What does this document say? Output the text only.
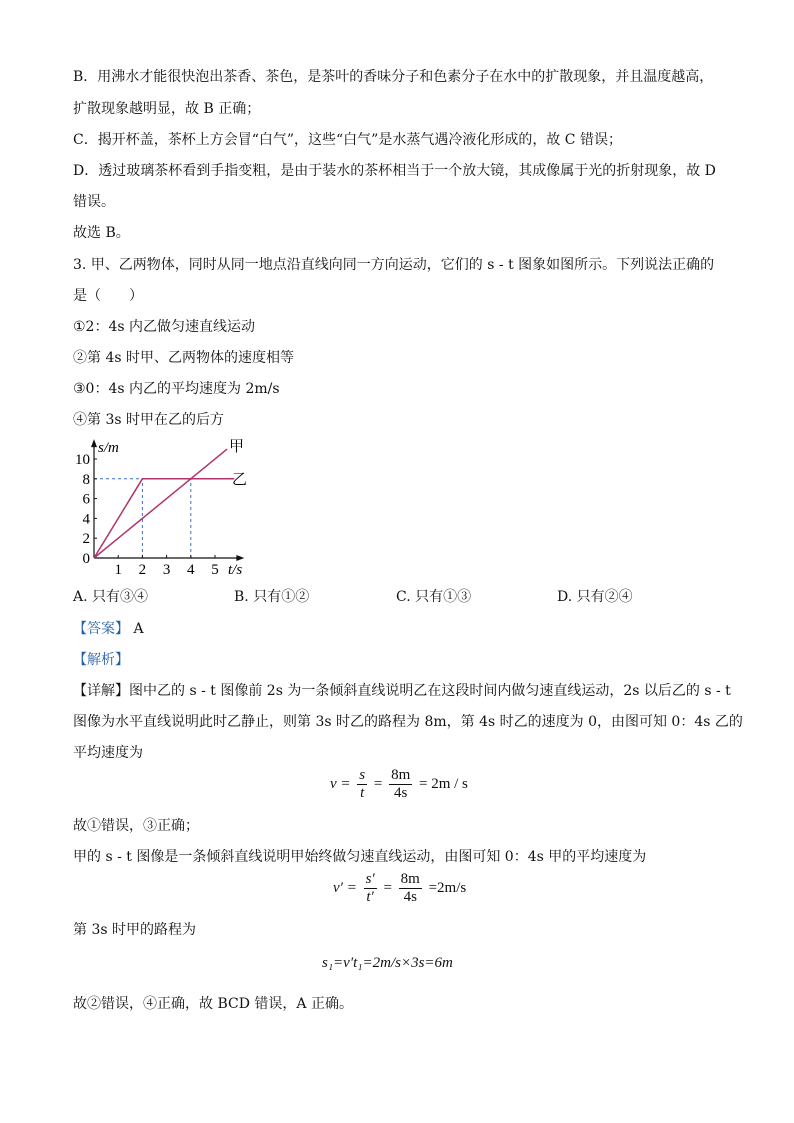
B．用沸水才能很快泡出茶香、茶色，是茶叶的香味分子和色素分子在水中的扩散现象，并且温度越高，
扩散现象越明显，故 B 正确；
C．揭开杯盖，茶杯上方会冒“白气”，这些“白气”是水蒸气遇冷液化形成的，故 C 错误；
D．透过玻璃茶杯看到手指变粗，是由于装水的茶杯相当于一个放大镜，其成像属于光的折射现象，故 D
错误。
故选 B。
3. 甲、乙两物体，同时从同一地点沿直线向同一方向运动，它们的 s - t 图象如图所示。下列说法正确的
是（　　）
①2：4s 内乙做匀速直线运动
②第 4s 时甲、乙两物体的速度相等
③0：4s 内乙的平均速度为 2m/s
④第 3s 时甲在乙的后方
1 2 3 4 5
0
2
4
6
8
10
s/m
t/s
甲
乙
A. 只有③④	B. 只有①②	C. 只有①③	D. 只有②④
【答案】 A
【解析】
【详解】图中乙的 s - t 图像前 2s 为一条倾斜直线说明乙在这段时间内做匀速直线运动，2s 以后乙的 s - t
图像为水平直线说明此时乙静止，则第 3s 时乙的路程为 8m，第 4s 时乙的速度为 0，由图可知 0：4s 乙的
平均速度为
$v = \frac{s}{t} = \frac{8m}{4s} = 2m / s$
故①错误，③正确；
甲的 s - t 图像是一条倾斜直线说明甲始终做匀速直线运动，由图可知 0：4s 甲的平均速度为
$v' = \frac{s'}{t'} = \frac{8m}{4s} =2m/s$
第 3s 时甲的路程为
s₁=v′t₁=2m/s×3s=6m
故②错误，④正确，故 BCD 错误，A 正确。
